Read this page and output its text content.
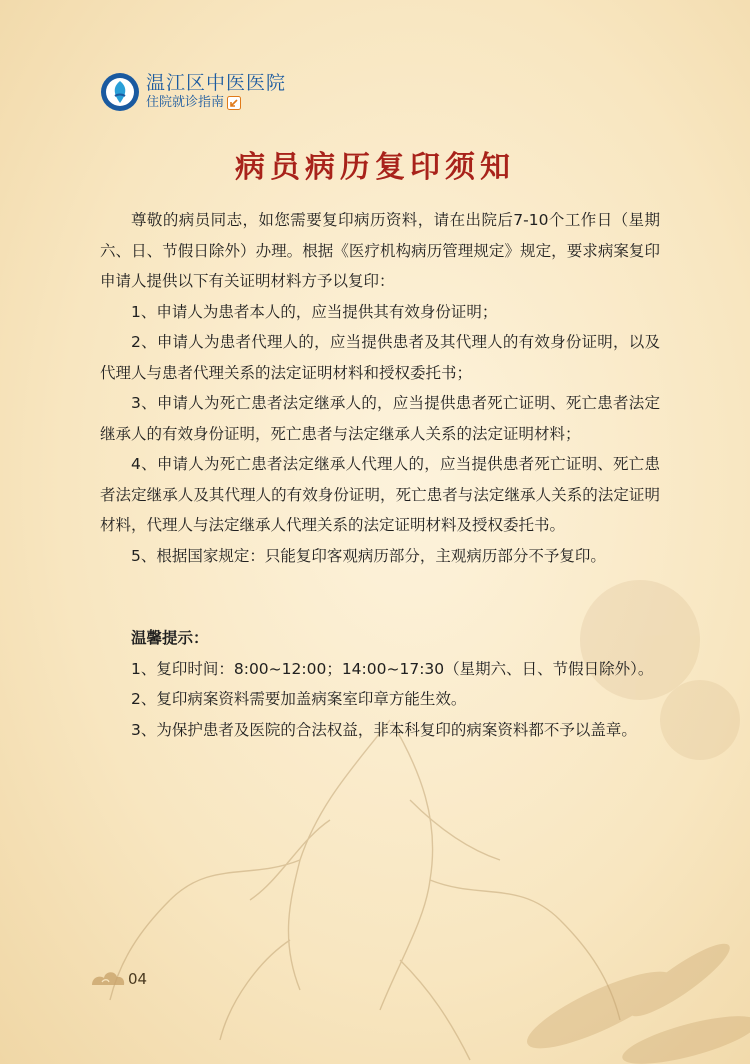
温江区中医医院
住院就诊指南
病员病历复印须知

尊敬的病员同志，如您需要复印病历资料，请在出院后7-10个工作日（星期六、日、节假日除外）办理。根据《医疗机构病历管理规定》规定，要求病案复印申请人提供以下有关证明材料方予以复印：

1、申请人为患者本人的，应当提供其有效身份证明；

2、申请人为患者代理人的，应当提供患者及其代理人的有效身份证明，以及代理人与患者代理关系的法定证明材料和授权委托书；

3、申请人为死亡患者法定继承人的，应当提供患者死亡证明、死亡患者法定继承人的有效身份证明，死亡患者与法定继承人关系的法定证明材料；

4、申请人为死亡患者法定继承人代理人的，应当提供患者死亡证明、死亡患者法定继承人及其代理人的有效身份证明，死亡患者与法定继承人关系的法定证明材料，代理人与法定继承人代理关系的法定证明材料及授权委托书。

5、根据国家规定：只能复印客观病历部分，主观病历部分不予复印。

温馨提示：

1、复印时间：8:00~12:00；14:00~17:30（星期六、日、节假日除外）。

2、复印病案资料需要加盖病案室印章方能生效。

3、为保护患者及医院的合法权益，非本科复印的病案资料都不予以盖章。

04
